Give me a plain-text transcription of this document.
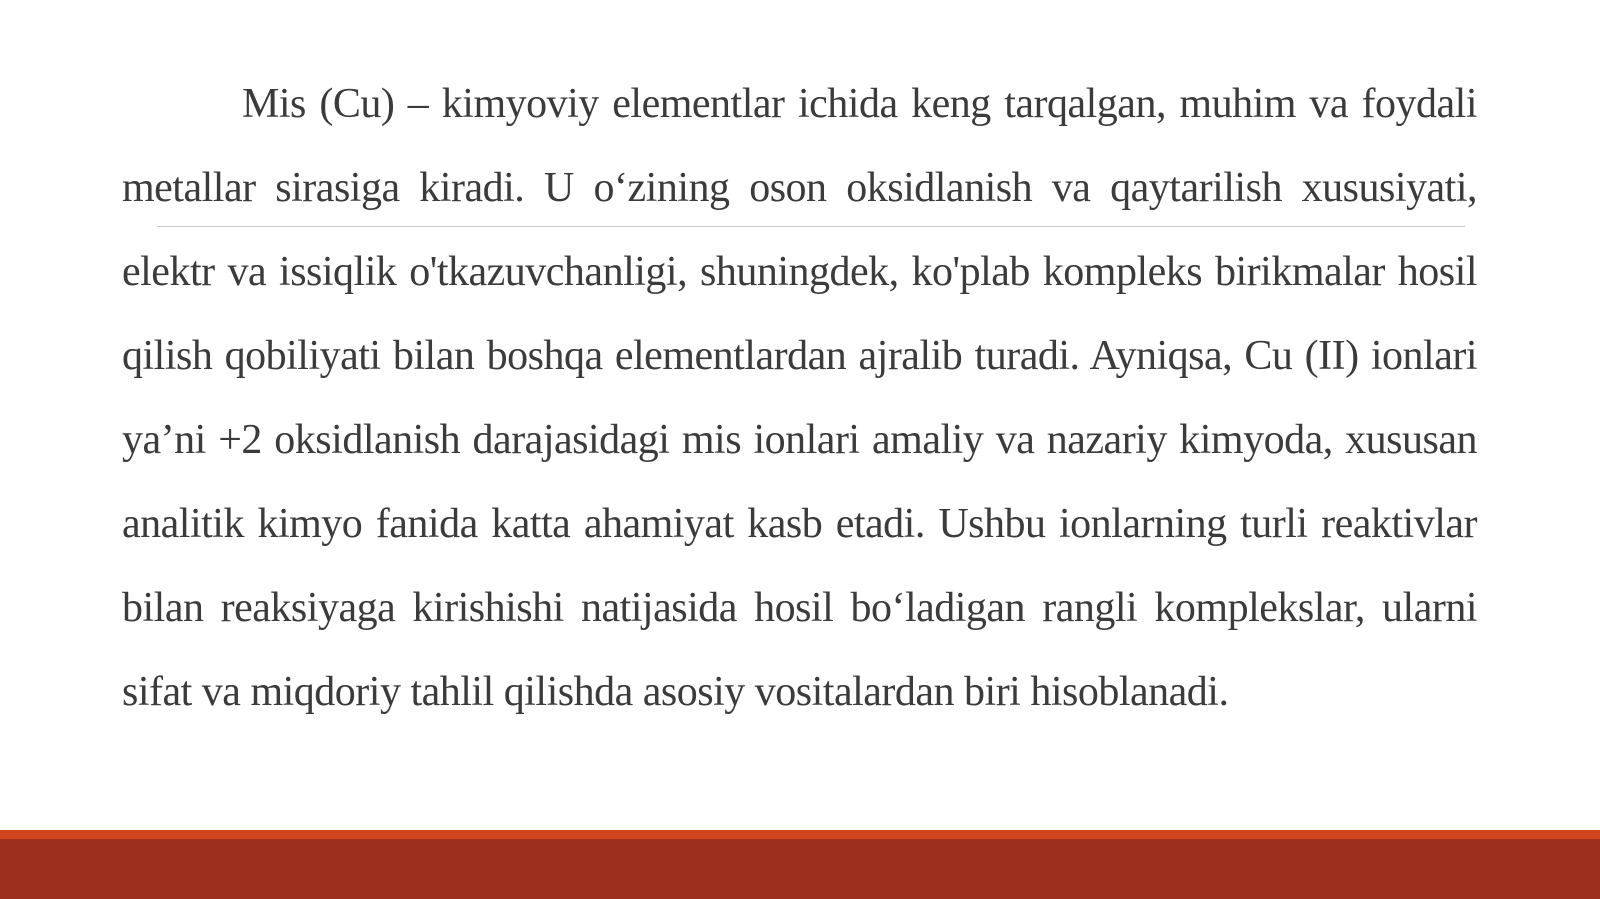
Mis (Cu) – kimyoviy elementlar ichida keng tarqalgan, muhim va foydali metallar sirasiga kiradi. U o‘zining oson oksidlanish va qaytarilish xususiyati, elektr va issiqlik o'tkazuvchanligi, shuningdek, ko'plab kompleks birikmalar hosil qilish qobiliyati bilan boshqa elementlardan ajralib turadi. Ayniqsa, Cu (II) ionlari ya’ni +2 oksidlanish darajasidagi mis ionlari amaliy va nazariy kimyoda, xususan analitik kimyo fanida katta ahamiyat kasb etadi. Ushbu ionlarning turli reaktivlar bilan reaksiyaga kirishishi natijasida hosil bo‘ladigan rangli komplekslar, ularni sifat va miqdoriy tahlil qilishda asosiy vositalardan biri hisoblanadi.
